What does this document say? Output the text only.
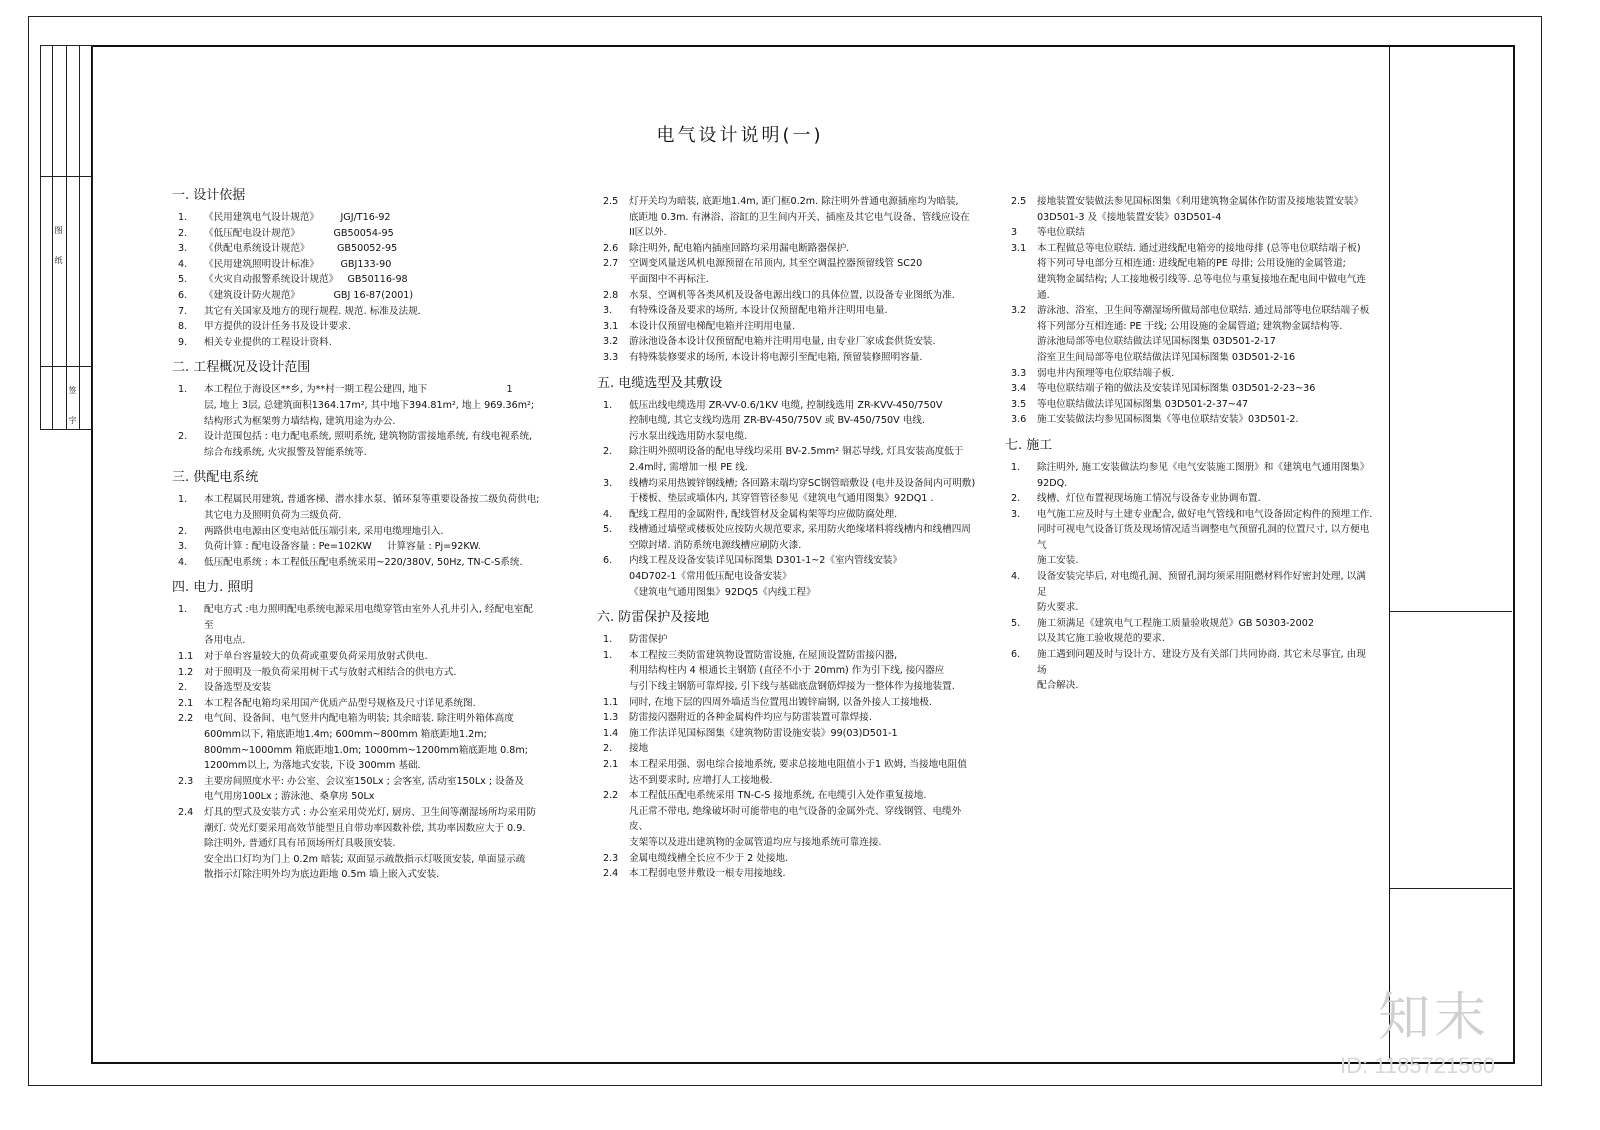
图
纸
签
字
电气设计说明(一)
一. 设计依据
1. 《民用建筑电气设计规范》       JGJ/T16-92
2. 《低压配电设计规范》           GB50054-95
3. 《供配电系统设计规范》         GB50052-95
4. 《民用建筑照明设计标准》       GBJ133-90
5. 《火灾自动报警系统设计规范》   GB50116-98
6. 《建筑设计防火规范》           GBJ 16-87(2001)
7. 其它有关国家及地方的现行规程. 规范. 标准及法规.
8. 甲方提供的设计任务书及设计要求.
9. 相关专业提供的工程设计资料.
二. 工程概况及设计范围
1. 本工程位于海设区**乡, 为**村一期工程公建四, 地下                          1
层, 地上 3层, 总建筑面积1364.17m², 其中地下394.81m², 地上 969.36m²;
结构形式为框架剪力墙结构, 建筑用途为办公.
2. 设计范围包括 : 电力配电系统, 照明系统, 建筑物防雷接地系统, 有线电视系统,
综合布线系统, 火灾报警及智能系统等.
三. 供配电系统
1. 本工程属民用建筑, 普通客梯、潜水排水泵、循环泵等重要设备按二级负荷供电;
其它电力及照明负荷为三级负荷.
2. 两路供电电源由区变电站低压端引来, 采用电缆埋地引入.
3. 负荷计算 : 配电设备容量 : Pe=102KW     计算容量 : Pj=92KW.
4. 低压配电系统 : 本工程低压配电系统采用~220/380V, 50Hz, TN-C-S系统.
四. 电力. 照明
1. 配电方式 :电力照明配电系统电源采用电缆穿管由室外人孔井引入, 经配电室配至
各用电点.
1.1 对于单台容量较大的负荷或重要负荷采用放射式供电.
1.2 对于照明及一般负荷采用树干式与放射式相结合的供电方式.
2. 设备选型及安装
2.1 本工程各配电箱均采用国产优质产品型号规格及尺寸详见系统图.
2.2 电气间、设备间、电气竖井内配电箱为明装; 其余暗装. 除注明外箱体高度
600mm以下, 箱底距地1.4m; 600mm~800mm 箱底距地1.2m;
800mm~1000mm 箱底距地1.0m; 1000mm~1200mm箱底距地 0.8m;
1200mm以上, 为落地式安装, 下设 300mm 基础.
2.3 主要房间照度水平: 办公室、会议室150Lx ; 会客室, 活动室150Lx ; 设备及
电气用房100Lx ; 游泳池、桑拿房 50Lx
2.4 灯具的型式及安装方式 : 办公室采用荧光灯, 厨房、卫生间等潮湿场所均采用防
潮灯. 荧光灯要采用高效节能型且自带功率因数补偿, 其功率因数应大于 0.9.
除注明外, 普通灯具有吊顶场所灯具吸顶安装.
安全出口灯均为门上 0.2m 暗装; 双面显示疏散指示灯吸顶安装, 单面显示疏
散指示灯除注明外均为底边距地 0.5m 墙上嵌入式安装.
2.5 灯开关均为暗装, 底距地1.4m, 距门框0.2m. 除注明外普通电源插座均为暗装,
底距地 0.3m. 有淋浴、浴缸的卫生间内开关、插座及其它电气设备、管线应设在
II区以外.
2.6 除注明外, 配电箱内插座回路均采用漏电断路器保护.
2.7 空调变风量送风机电源预留在吊顶内, 其至空调温控器预留线管 SC20
平面图中不再标注.
2.8 水泵、空调机等各类风机及设备电源出线口的具体位置, 以设备专业图纸为准.
3. 有特殊设备及要求的场所, 本设计仅预留配电箱并注明用电量.
3.1 本设计仅预留电梯配电箱并注明用电量.
3.2 游泳池设备本设计仅预留配电箱并注明用电量, 由专业厂家成套供货安装.
3.3 有特殊装修要求的场所, 本设计将电源引至配电箱, 预留装修照明容量.
五. 电缆选型及其敷设
1. 低压出线电缆选用 ZR-VV-0.6/1KV 电缆, 控制线选用 ZR-KVV-450/750V
控制电缆, 其它支线均选用 ZR-BV-450/750V 或 BV-450/750V 电线.
污水泵出线选用防水泵电缆.
2. 除注明外照明设备的配电导线均采用 BV-2.5mm² 铜芯导线, 灯具安装高度低于
2.4m时, 需增加一根 PE 线.
3. 线槽均采用热镀锌钢线槽; 各回路末端均穿SC钢管暗敷设 (电井及设备间内可明敷)
于楼板、垫层或墙体内, 其穿管管径参见《建筑电气通用图集》92DQ1 .
4. 配线工程用的金属附件, 配线管材及金属构架等均应做防腐处理.
5. 线槽通过墙壁或楼板处应按防火规范要求, 采用防火绝缘堵料将线槽内和线槽四周
空隙封堵. 消防系统电源线槽应刷防火漆.
6. 内线工程及设备安装详见国标图集 D301-1~2《室内管线安装》
04D702-1《常用低压配电设备安装》
《建筑电气通用图集》92DQ5《内线工程》
六. 防雷保护及接地
1. 防雷保护
1. 本工程按三类防雷建筑物设置防雷设施, 在屋顶设置防雷接闪器,
利用结构柱内 4 根通长主钢筋 (直径不小于 20mm) 作为引下线, 接闪器应
与引下线主钢筋可靠焊接, 引下线与基础底盘钢筋焊接为一整体作为接地装置.
1.1 同时, 在地下层的四周外墙适当位置甩出镀锌扁钢, 以备外接人工接地极.
1.3 防雷接闪器附近的各种金属构件均应与防雷装置可靠焊接.
1.4 施工作法详见国标图集《建筑物防雷设施安装》99(03)D501-1
2. 接地
2.1 本工程采用强、弱电综合接地系统, 要求总接地电阻值小于1 欧姆, 当接地电阻值
达不到要求时, 应增打人工接地极.
2.2 本工程低压配电系统采用 TN-C-S 接地系统, 在电缆引入处作重复接地.
凡正常不带电, 绝缘破坏时可能带电的电气设备的金属外壳、穿线钢管、电缆外皮、
支架等以及进出建筑物的金属管道均应与接地系统可靠连接.
2.3 金属电缆线槽全长应不少于 2 处接地.
2.4 本工程弱电竖井敷设一根专用接地线.
2.5 接地装置安装做法参见国标图集《利用建筑物金属体作防雷及接地装置安装》
03D501-3 及《接地装置安装》03D501-4
3 等电位联结
3.1 本工程做总等电位联结. 通过进线配电箱旁的接地母排 (总等电位联结端子板)
将下列可导电部分互相连通: 进线配电箱的PE 母排; 公用设施的金属管道;
建筑物金属结构; 人工接地极引线等. 总等电位与重复接地在配电间中做电气连通.
3.2 游泳池、浴室、卫生间等潮湿场所做局部电位联结. 通过局部等电位联结端子板
将下列部分互相连通: PE 干线; 公用设施的金属管道; 建筑物金属结构等.
游泳池局部等电位联结做法详见国标图集 03D501-2-17
浴室卫生间局部等电位联结做法详见国标图集 03D501-2-16
3.3 弱电井内预埋等电位联结端子板.
3.4 等电位联结端子箱的做法及安装详见国标图集 03D501-2-23~36
3.5 等电位联结做法详见国标图集 03D501-2-37~47
3.6 施工安装做法均参见国标图集《等电位联结安装》03D501-2.
七. 施工
1. 除注明外, 施工安装做法均参见《电气安装施工图册》和《建筑电气通用图集》92DQ.
2. 线槽、灯位布置视现场施工情况与设备专业协调布置.
3. 电气施工应及时与土建专业配合, 做好电气管线和电气设备固定构件的预埋工作.
同时可视电气设备订货及现场情况适当调整电气预留孔洞的位置尺寸, 以方便电气
施工安装.
4. 设备安装完毕后, 对电缆孔洞、预留孔洞均须采用阻燃材料作好密封处理, 以满足
防火要求.
5. 施工须满足《建筑电气工程施工质量验收规范》GB 50303-2002
以及其它施工验收规范的要求.
6. 施工遇到问题及时与设计方、建设方及有关部门共同协商. 其它未尽事宜, 由现场
配合解决.
知末
ID: 1185721560
